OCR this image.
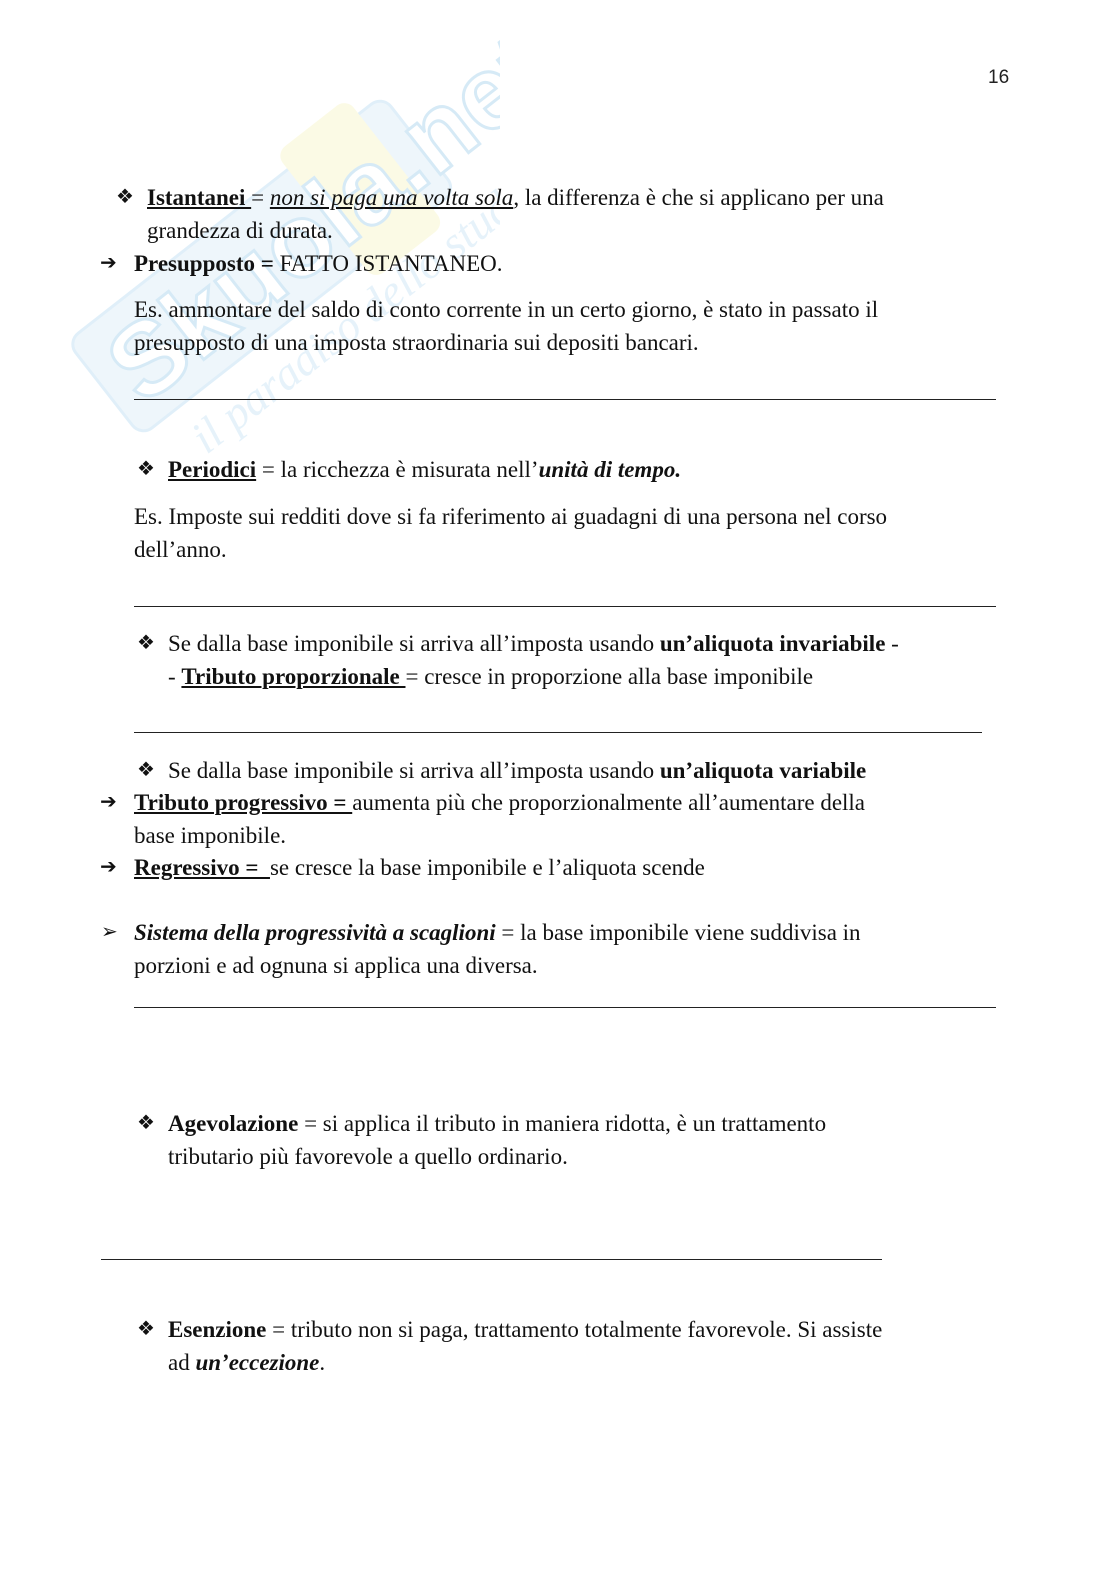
16
Skuola.net
il paradiso dello studente
❖ Istantanei = non si paga una volta sola, la differenza è che si applicano per una
grandezza di durata.
➔ Presupposto = FATTO ISTANTANEO.
Es. ammontare del saldo di conto corrente in un certo giorno, è stato in passato il
presupposto di una imposta straordinaria sui depositi bancari.
❖ Periodici = la ricchezza è misurata nell’unità di tempo.
Es. Imposte sui redditi dove si fa riferimento ai guadagni di una persona nel corso
dell’anno.
❖ Se dalla base imponibile si arriva all’imposta usando un’aliquota invariabile -
- Tributo proporzionale = cresce in proporzione alla base imponibile
❖ Se dalla base imponibile si arriva all’imposta usando un’aliquota variabile
➔ Tributo progressivo = aumenta più che proporzionalmente all’aumentare della
base imponibile.
➔ Regressivo =  se cresce la base imponibile e l’aliquota scende
➢ Sistema della progressività a scaglioni = la base imponibile viene suddivisa in
porzioni e ad ognuna si applica una diversa.
❖ Agevolazione = si applica il tributo in maniera ridotta, è un trattamento
tributario più favorevole a quello ordinario.
❖ Esenzione = tributo non si paga, trattamento totalmente favorevole. Si assiste
ad un’eccezione.
